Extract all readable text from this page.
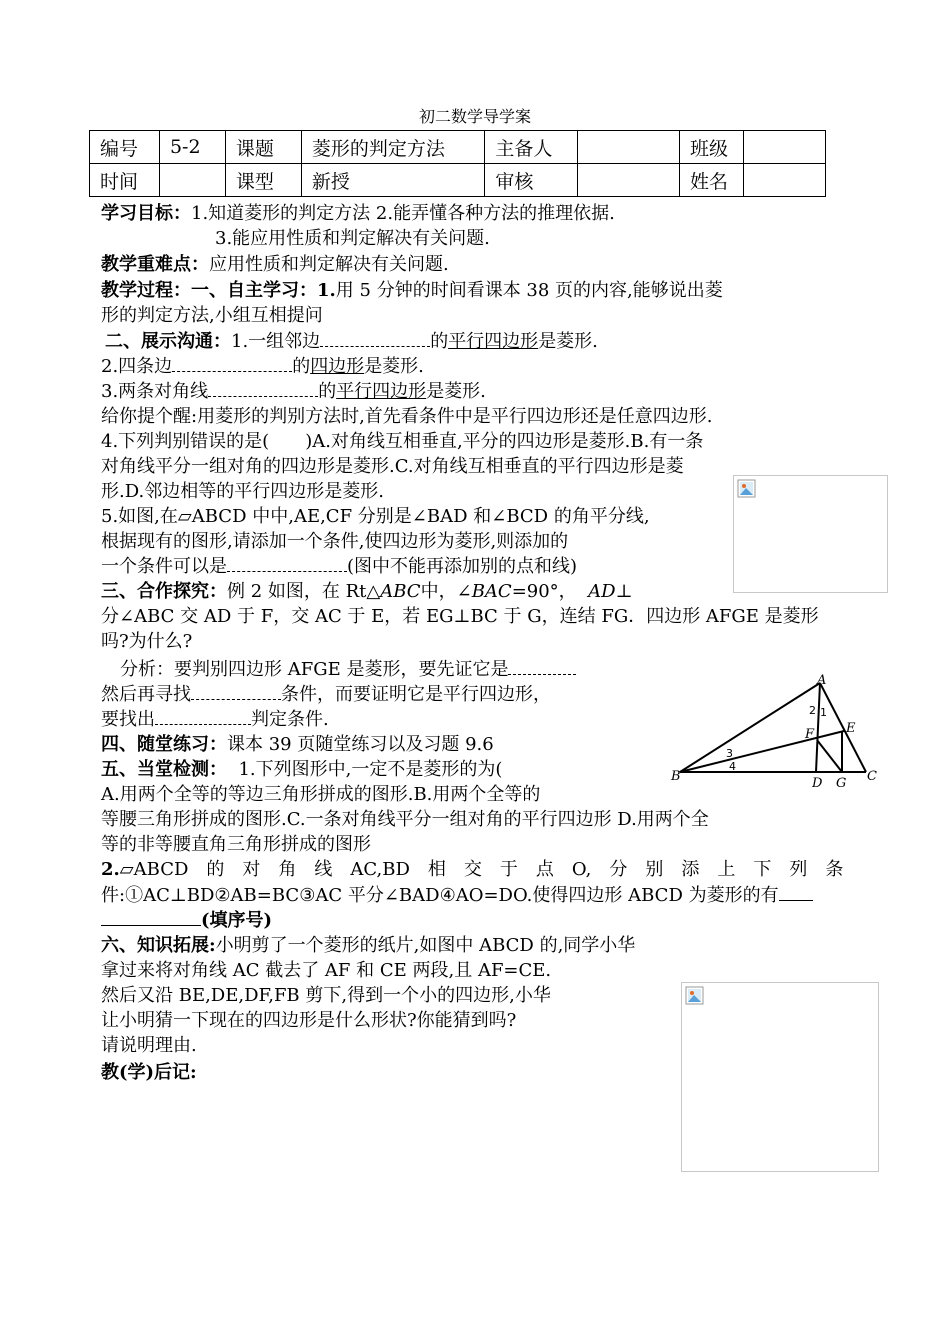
初二数学导学案
编号	5-2	课题	菱形的判定方法	主备人		班级	
时间		课型	新授	审核		姓名	
学习目标：1.知道菱形的判定方法 2.能弄懂各种方法的推理依据.
3.能应用性质和判定解决有关问题.
教学重难点：应用性质和判定解决有关问题.
教学过程：一、自主学习：1.用 5 分钟的时间看课本 38 页的内容,能够说出菱
形的判定方法,小组互相提问
二、展示沟通：1.一组邻边	的平行四边形是菱形.
2.四条边	的四边形是菱形.
3.两条对角线	的平行四边形是菱形.
给你提个醒:用菱形的判别方法时,首先看条件中是平行四边形还是任意四边形.
4.下列判别错误的是(　　)A.对角线互相垂直,平分的四边形是菱形.B.有一条
对角线平分一组对角的四边形是菱形.C.对角线互相垂直的平行四边形是菱
形.D.邻边相等的平行四边形是菱形.
5.如图,在▱ABCD 中中,AE,CF 分别是∠BAD 和∠BCD 的角平分线,
根据现有的图形,请添加一个条件,使四边形为菱形,则添加的
一个条件可以是	(图中不能再添加别的点和线)
三、合作探究：例 2 如图，在 Rt△ABC中，∠BAC=90°， AD⊥
分∠ABC 交 AD 于 F，交 AC 于 E，若 EG⊥BC 于 G，连结 FG．四边形 AFGE 是菱形
吗?为什么?
分析：要判别四边形 AFGE 是菱形，要先证它是
然后再寻找	条件，而要证明它是平行四边形，
要找出	判定条件.
四、随堂练习：课本 39 页随堂练习以及习题 9.6
五、当堂检测： 1.下列图形中,一定不是菱形的为(
A.用两个全等的等边三角形拼成的图形.B.用两个全等的
等腰三角形拼成的图形.C.一条对角线平分一组对角的平行四边形 D.用两个全
等的非等腰直角三角形拼成的图形
2.▱ABCD　的　对　角　线　AC,BD　相　交　于　点　O,　分　别　添　上　下　列　条
件:①AC⊥BD②AB=BC③AC 平分∠BAD④AO=DO.使得四边形 ABCD 为菱形的有
(填序号)
六、知识拓展:小明剪了一个菱形的纸片,如图中 ABCD 的,同学小华
拿过来将对角线 AC 截去了 AF 和 CE 两段,且 AF=CE.
然后又沿 BE,DE,DF,FB 剪下,得到一个小的四边形,小华
让小明猜一下现在的四边形是什么形状?你能猜到吗?
请说明理由.
教(学)后记:
A
B	C
D
E
F
G
2 1
3
4
